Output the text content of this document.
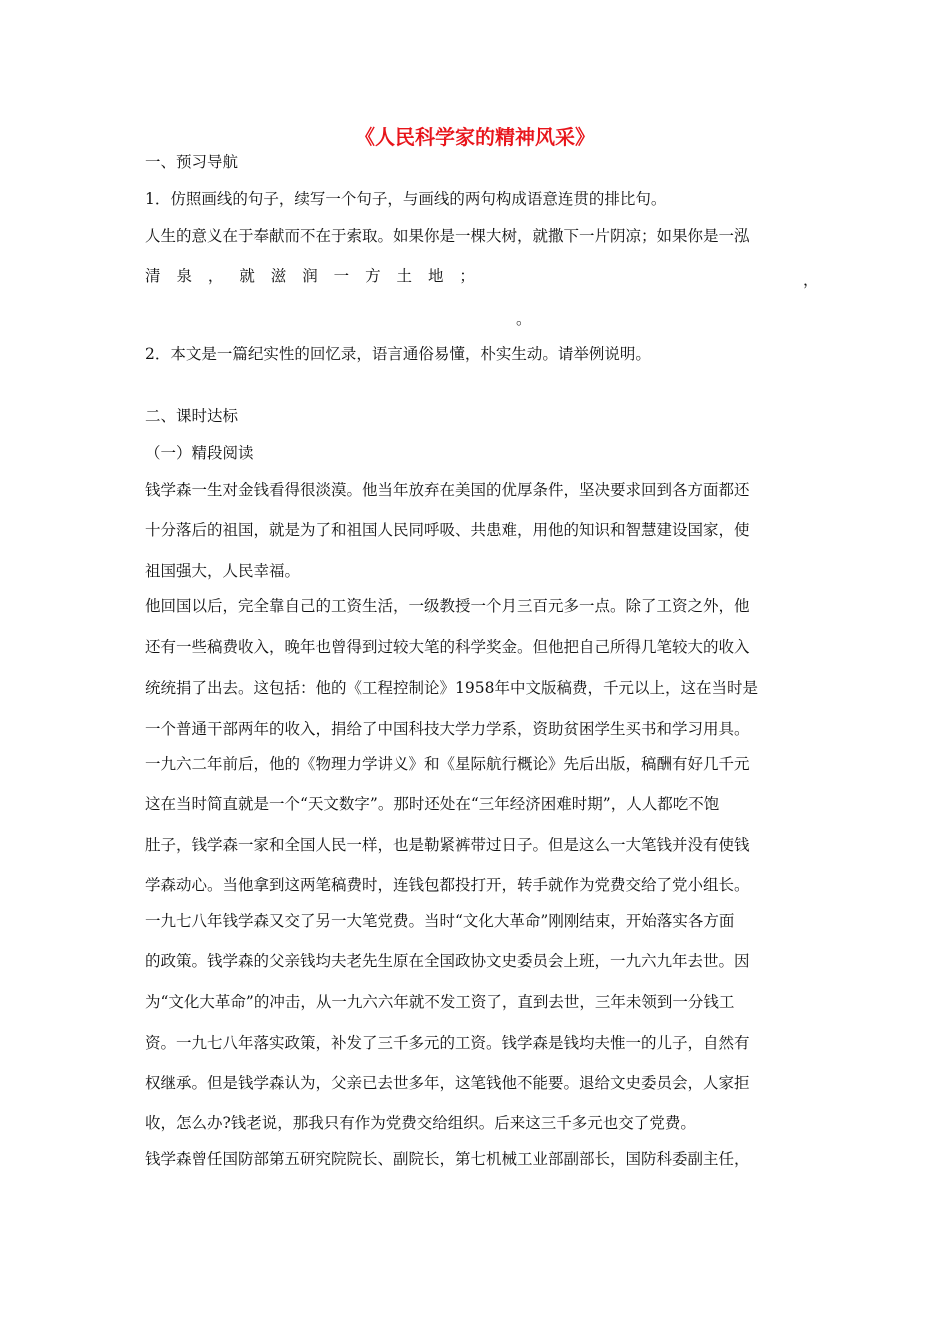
《人民科学家的精神风采》
一、预习导航
1．仿照画线的句子，续写一个句子，与画线的两句构成语意连贯的排比句。
人生的意义在于奉献而不在于索取。如果你是一棵大树，就撒下一片阴凉；如果你是一泓
清 泉 ， 就 滋 润 一 方 土 地 ；	，
。
2．本文是一篇纪实性的回忆录，语言通俗易懂，朴实生动。请举例说明。
二、课时达标
（一）精段阅读
钱学森一生对金钱看得很淡漠。他当年放弃在美国的优厚条件，坚决要求回到各方面都还
十分落后的祖国，就是为了和祖国人民同呼吸、共患难，用他的知识和智慧建设国家，使
祖国强大，人民幸福。
他回国以后，完全靠自己的工资生活，一级教授一个月三百元多一点。除了工资之外，他
还有一些稿费收入，晚年也曾得到过较大笔的科学奖金。但他把自己所得几笔较大的收入
统统捐了出去。这包括：他的《工程控制论》1958年中文版稿费，千元以上，这在当时是
一个普通干部两年的收入，捐给了中国科技大学力学系，资助贫困学生买书和学习用具。
一九六二年前后，他的《物理力学讲义》和《星际航行概论》先后出版，稿酬有好几千元
这在当时简直就是一个“天文数字”。那时还处在“三年经济困难时期”，人人都吃不饱
肚子，钱学森一家和全国人民一样，也是勒紧裤带过日子。但是这么一大笔钱并没有使钱
学森动心。当他拿到这两笔稿费时，连钱包都投打开，转手就作为党费交给了党小组长。
一九七八年钱学森又交了另一大笔党费。当时“文化大革命”刚刚结束，开始落实各方面
的政策。钱学森的父亲钱均夫老先生原在全国政协文史委员会上班，一九六九年去世。因
为“文化大革命”的冲击，从一九六六年就不发工资了，直到去世，三年未领到一分钱工
资。一九七八年落实政策，补发了三千多元的工资。钱学森是钱均夫惟一的儿子，自然有
权继承。但是钱学森认为，父亲已去世多年，这笔钱他不能要。退给文史委员会，人家拒
收，怎么办?钱老说，那我只有作为党费交给组织。后来这三千多元也交了党费。
钱学森曾任国防部第五研究院院长、副院长，第七机械工业部副部长，国防科委副主任，
